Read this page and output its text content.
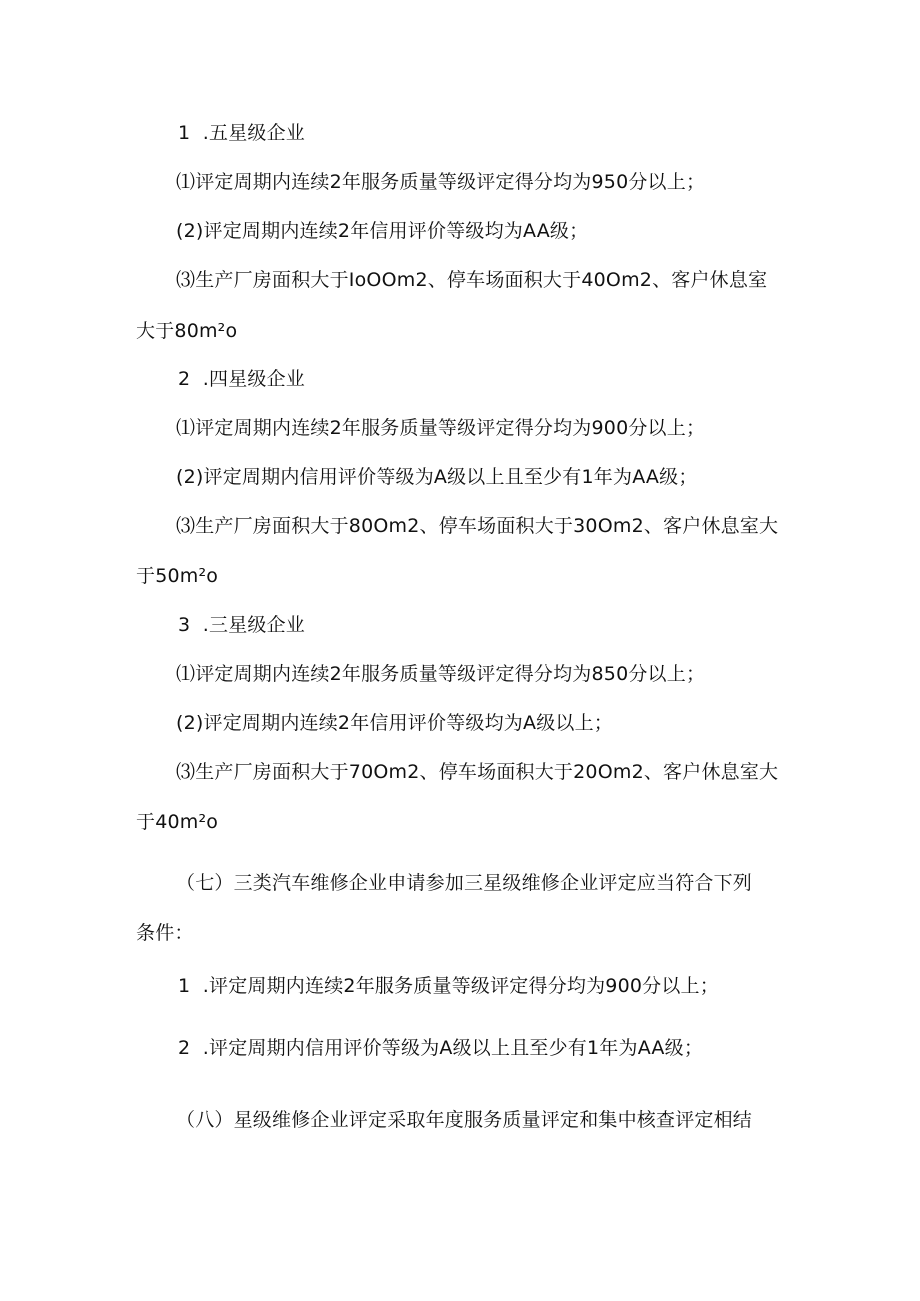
1  .五星级企业

⑴评定周期内连续2年服务质量等级评定得分均为950分以上；

(2)评定周期内连续2年信用评价等级均为AA级；

⑶生产厂房面积大于IoOOm2、停车场面积大于40Om2、客户休息室

大于80m²o

2  .四星级企业

⑴评定周期内连续2年服务质量等级评定得分均为900分以上；

(2)评定周期内信用评价等级为A级以上且至少有1年为AA级；

⑶生产厂房面积大于80Om2、停车场面积大于30Om2、客户休息室大

于50m²o

3  .三星级企业

⑴评定周期内连续2年服务质量等级评定得分均为850分以上；

(2)评定周期内连续2年信用评价等级均为A级以上；

⑶生产厂房面积大于70Om2、停车场面积大于20Om2、客户休息室大

于40m²o

（七）三类汽车维修企业申请参加三星级维修企业评定应当符合下列

条件：

1  .评定周期内连续2年服务质量等级评定得分均为900分以上；

2  .评定周期内信用评价等级为A级以上且至少有1年为AA级；

（八）星级维修企业评定采取年度服务质量评定和集中核查评定相结
